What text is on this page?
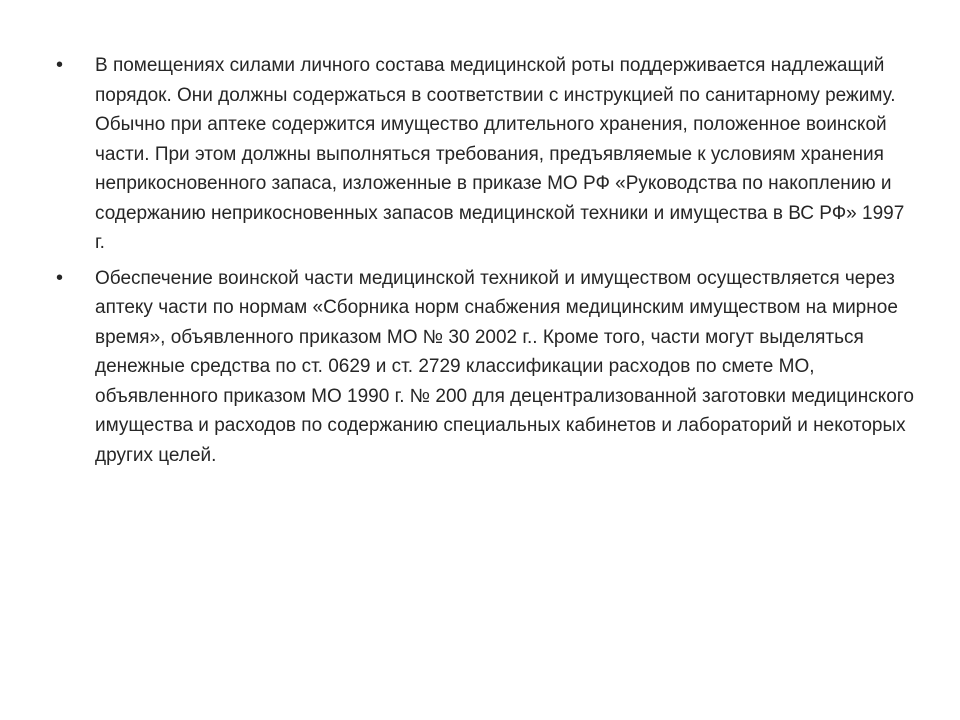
• В помещениях силами личного состава медицинской роты поддерживается надлежащий порядок. Они должны содержаться в соответствии с инструкцией по санитарному режиму. Обычно при аптеке содержится имущество длительного хранения, положенное воинской части. При этом должны выполняться требования, предъявляемые к условиям хранения неприкосновенного запаса, изложенные в приказе МО РФ «Руководства по накоплению и содержанию неприкосновенных запасов медицинской техники и имущества в ВС РФ» 1997 г.

• Обеспечение воинской части медицинской техникой и имуществом осуществляется через аптеку части по нормам «Сборника норм снабжения медицинским имуществом на мирное время», объявленного приказом МО № 30 2002 г.. Кроме того, части могут выделяться денежные средства по ст. 0629 и ст. 2729 классификации расходов по смете МО, объявленного приказом МО 1990 г. № 200 для децентрализованной заготовки медицинского имущества и расходов по содержанию специальных кабинетов и лабораторий и некоторых других целей.
